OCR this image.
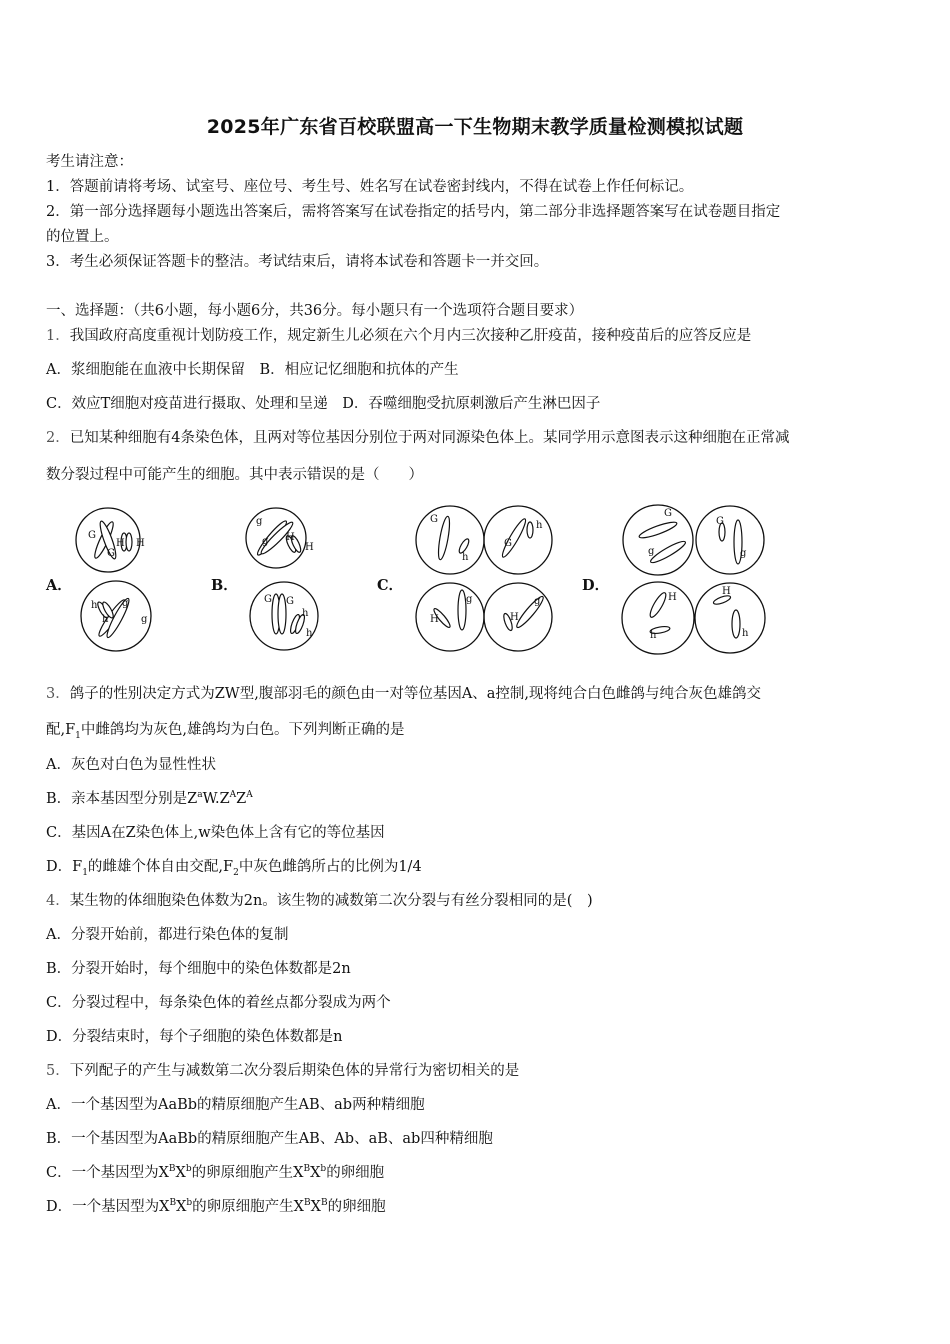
2025年广东省百校联盟高一下生物期末教学质量检测模拟试题
考生请注意：
1．答题前请将考场、试室号、座位号、考生号、姓名写在试卷密封线内，不得在试卷上作任何标记。
2．第一部分选择题每小题选出答案后，需将答案写在试卷指定的括号内，第二部分非选择题答案写在试卷题目指定
的位置上。
3．考生必须保证答题卡的整洁。考试结束后，请将本试卷和答题卡一并交回。
一、选择题：（共6小题，每小题6分，共36分。每小题只有一个选项符合题目要求）
1．我国政府高度重视计划防疫工作，规定新生儿必须在六个月内三次接种乙肝疫苗，接种疫苗后的应答反应是
A．浆细胞能在血液中长期保留　B．相应记忆细胞和抗体的产生
C．效应T细胞对疫苗进行摄取、处理和呈递　D．吞噬细胞受抗原刺激后产生淋巴因子
2．已知某种细胞有4条染色体，且两对等位基因分别位于两对同源染色体上。某同学用示意图表示这种细胞在正常减
数分裂过程中可能产生的细胞。其中表示错误的是（　　）
A．	B．	C．	D．
G
G
H H
h
h
g
g
g
g H
H
G G
h
h
G
h
G
h
H
g
H
g
G
g
G
g
H
h
H
h
3．鸽子的性别决定方式为ZW型,腹部羽毛的颜色由一对等位基因A、a控制,现将纯合白色雌鸽与纯合灰色雄鸽交
配$,F_1$中雌鸽均为灰色,雄鸽均为白色。下列判断正确的是
A．灰色对白色为显性性状
B．亲本基因型分别是$Z^aW.Z^AZ^A$
C．基因A在Z染色体上,w染色体上含有它的等位基因
D．$F_1$的雌雄个体自由交配$,F_2$中灰色雌鸽所占的比例为1/4
4．某生物的体细胞染色体数为2n。该生物的减数第二次分裂与有丝分裂相同的是(　)
A．分裂开始前，都进行染色体的复制
B．分裂开始时，每个细胞中的染色体数都是2n
C．分裂过程中，每条染色体的着丝点都分裂成为两个
D．分裂结束时，每个子细胞的染色体数都是n
5．下列配子的产生与减数第二次分裂后期染色体的异常行为密切相关的是
A．一个基因型为AaBb的精原细胞产生AB、ab两种精细胞
B．一个基因型为AaBb的精原细胞产生AB、Ab、aB、ab四种精细胞
C．一个基因型为$X^BX^b$的卵原细胞产生$X^BX^b$的卵细胞
D．一个基因型为$X^BX^b$的卵原细胞产生$X^BX^B$的卵细胞
